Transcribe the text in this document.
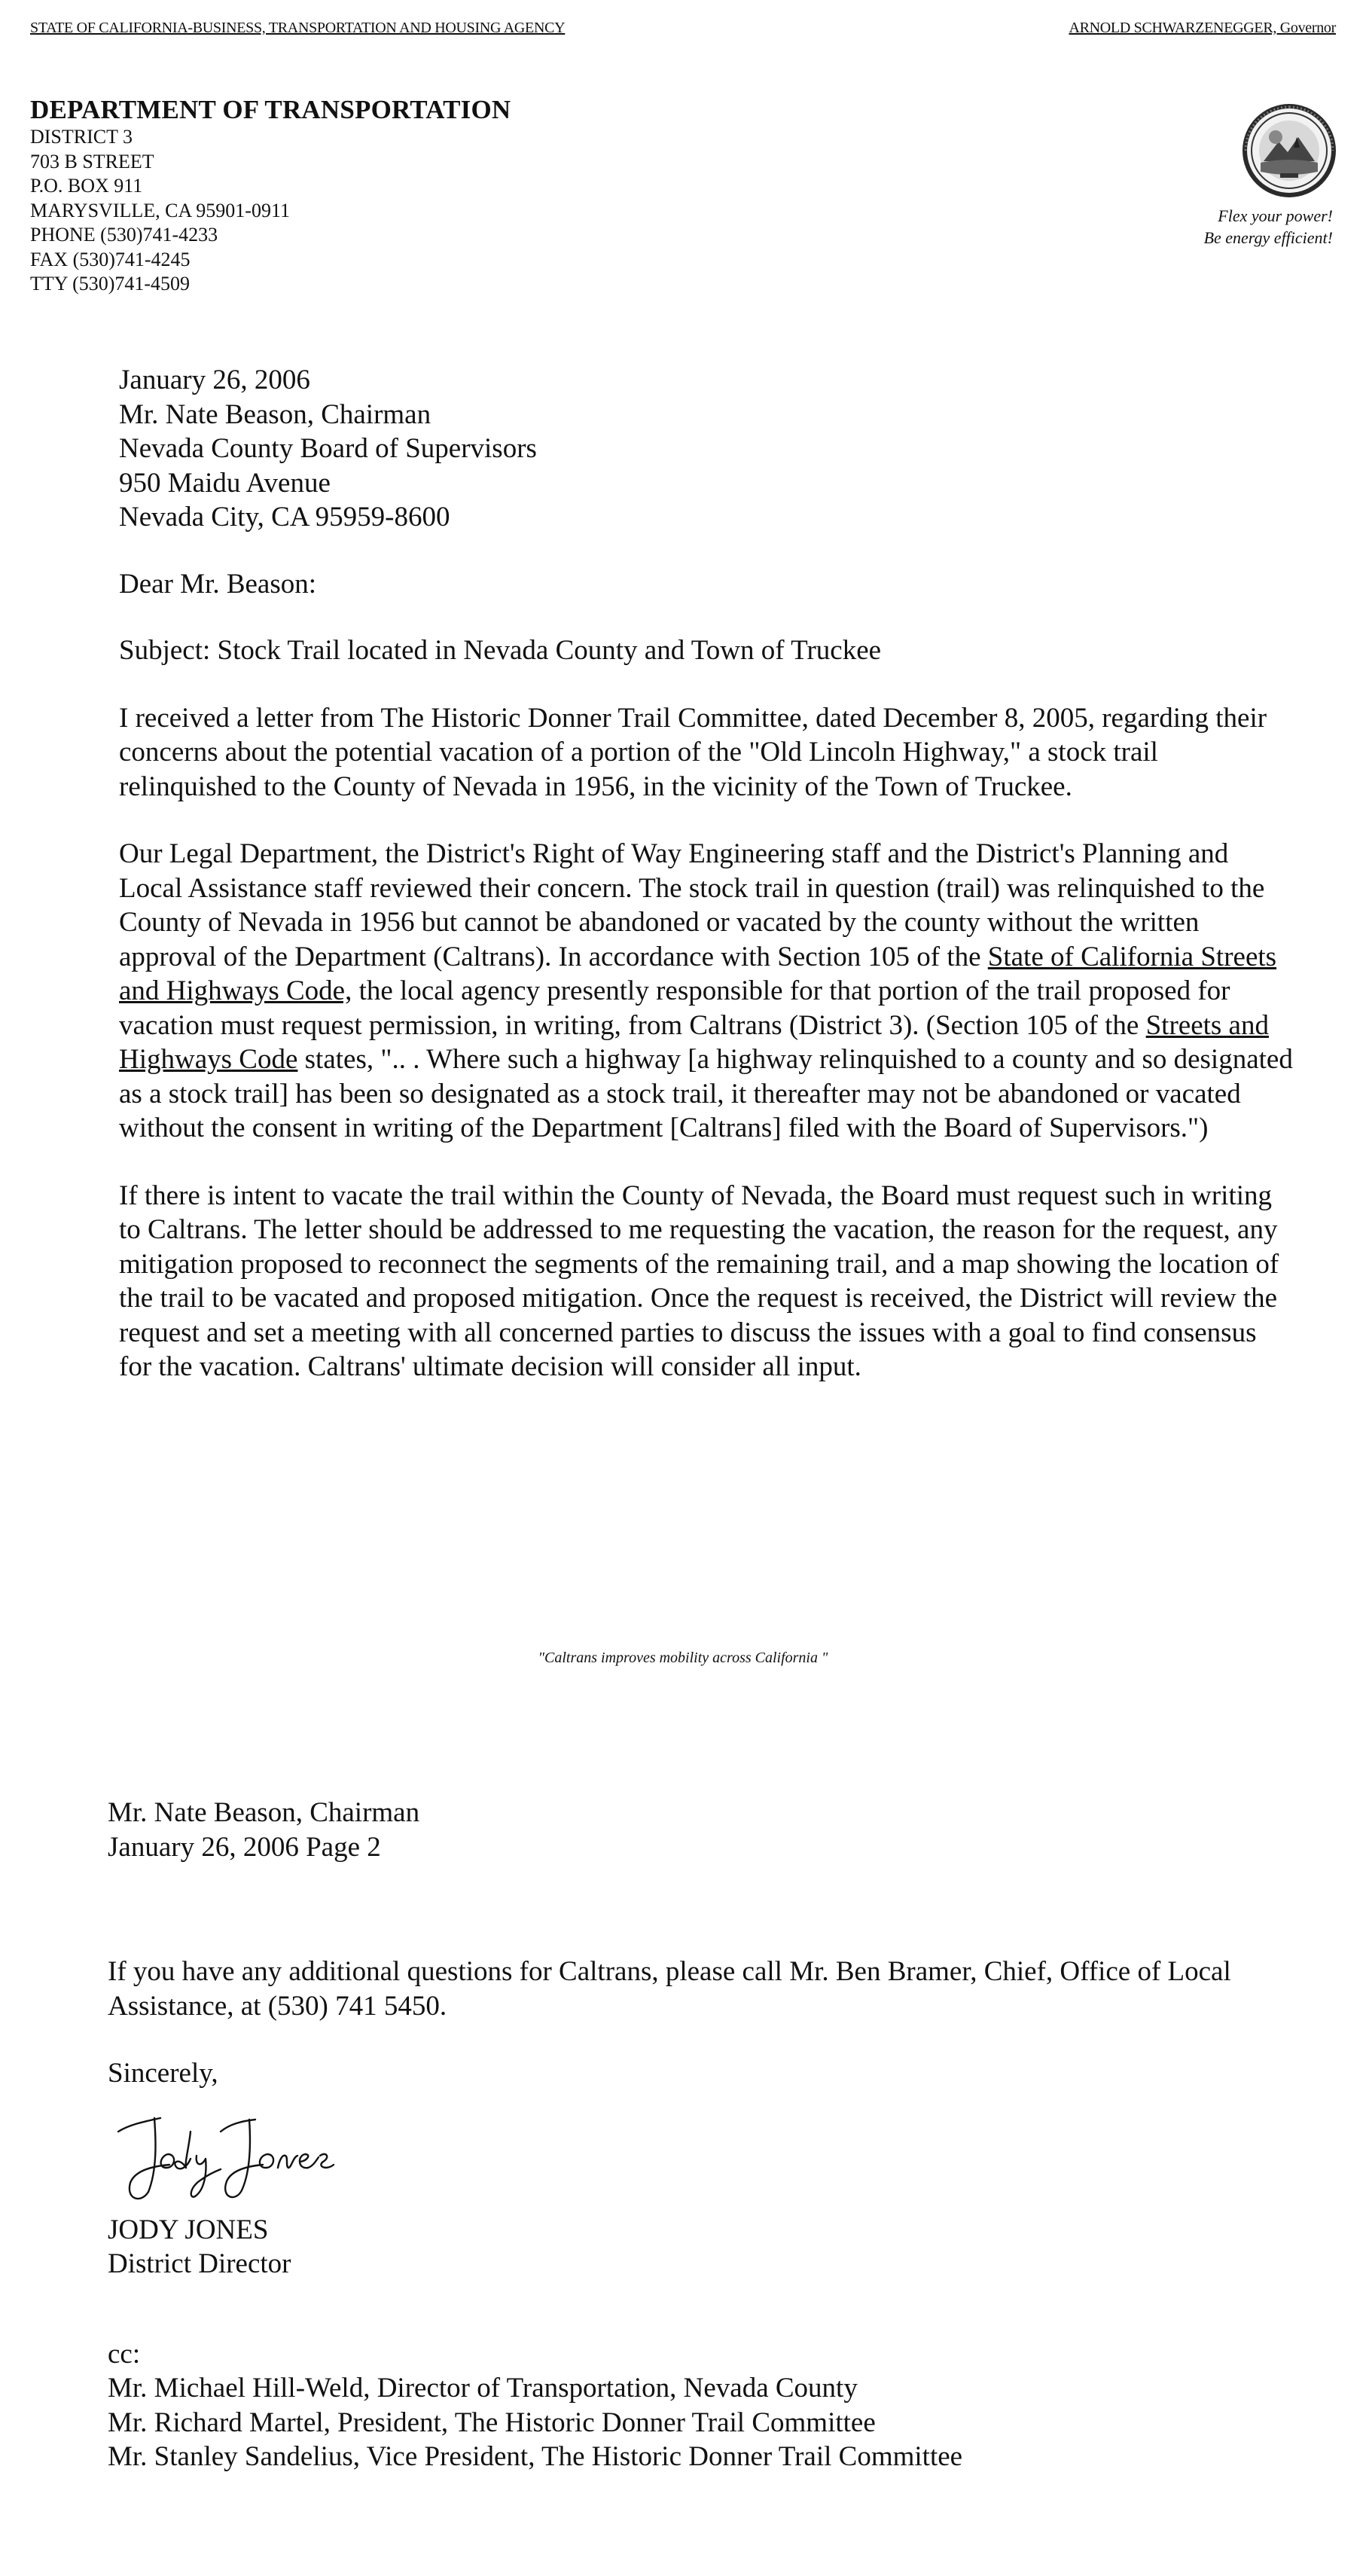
STATE OF CALIFORNIA-BUSINESS, TRANSPORTATION AND HOUSING AGENCY	ARNOLD SCHWARZENEGGER, Governor
DEPARTMENT OF TRANSPORTATION
DISTRICT 3
703 B STREET
P.O. BOX 911
MARYSVILLE, CA 95901-0911
PHONE (530)741-4233
FAX (530)741-4245
TTY (530)741-4509
Flex your power!
Be energy efficient!
January 26, 2006
Mr. Nate Beason, Chairman
Nevada County Board of Supervisors
950 Maidu Avenue
Nevada City, CA 95959-8600
Dear Mr. Beason:
Subject: Stock Trail located in Nevada County and Town of Truckee
I received a letter from The Historic Donner Trail Committee, dated December 8, 2005, regarding their concerns about the potential vacation of a portion of the "Old Lincoln Highway," a stock trail relinquished to the County of Nevada in 1956, in the vicinity of the Town of Truckee.
Our Legal Department, the District's Right of Way Engineering staff and the District's Planning and Local Assistance staff reviewed their concern. The stock trail in question (trail) was relinquished to the County of Nevada in 1956 but cannot be abandoned or vacated by the county without the written approval of the Department (Caltrans). In accordance with Section 105 of the State of California Streets and Highways Code, the local agency presently responsible for that portion of the trail proposed for vacation must request permission, in writing, from Caltrans (District 3). (Section 105 of the Streets and Highways Code states, ".. . Where such a highway [a highway relinquished to a county and so designated as a stock trail] has been so designated as a stock trail, it thereafter may not be abandoned or vacated without the consent in writing of the Department [Caltrans] filed with the Board of Supervisors.")
If there is intent to vacate the trail within the County of Nevada, the Board must request such in writing to Caltrans. The letter should be addressed to me requesting the vacation, the reason for the request, any mitigation proposed to reconnect the segments of the remaining trail, and a map showing the location of the trail to be vacated and proposed mitigation. Once the request is received, the District will review the request and set a meeting with all concerned parties to discuss the issues with a goal to find consensus for the vacation. Caltrans' ultimate decision will consider all input.
"Caltrans improves mobility across California "
Mr. Nate Beason, Chairman
January 26, 2006 Page 2
If you have any additional questions for Caltrans, please call Mr. Ben Bramer, Chief, Office of Local Assistance, at (530) 741 5450.
Sincerely,
JODY JONES
District Director
cc:
Mr. Michael Hill-Weld, Director of Transportation, Nevada County
Mr. Richard Martel, President, The Historic Donner Trail Committee
Mr. Stanley Sandelius, Vice President, The Historic Donner Trail Committee
